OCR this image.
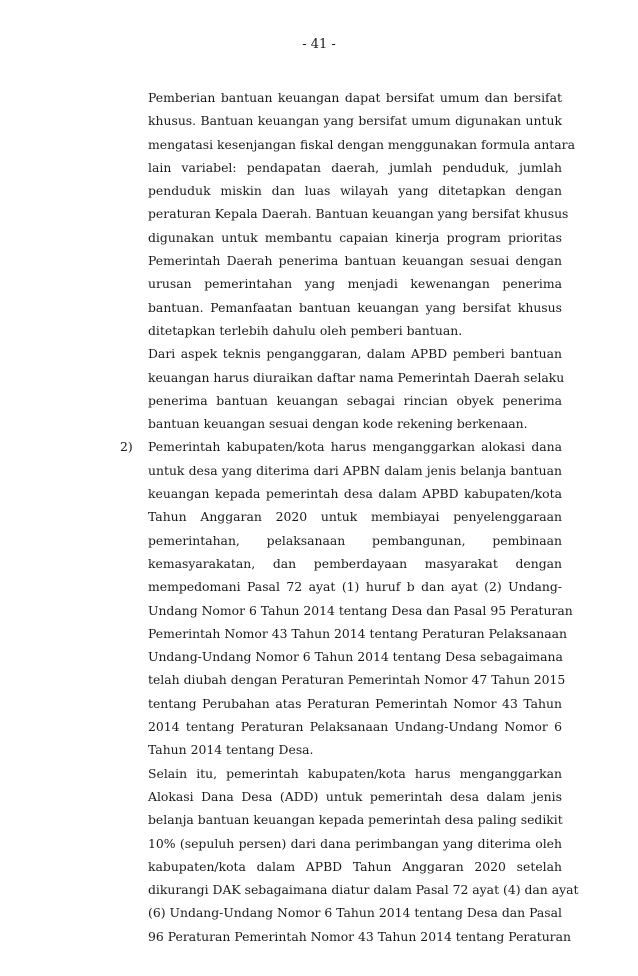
- 41 -
Pemberian bantuan keuangan dapat bersifat umum dan bersifat
khusus. Bantuan keuangan yang bersifat umum digunakan untuk
mengatasi kesenjangan fiskal dengan menggunakan formula antara
lain variabel: pendapatan daerah, jumlah penduduk, jumlah
penduduk miskin dan luas wilayah yang ditetapkan dengan
peraturan Kepala Daerah. Bantuan keuangan yang bersifat khusus
digunakan untuk membantu capaian kinerja program prioritas
Pemerintah Daerah penerima bantuan keuangan sesuai dengan
urusan pemerintahan yang menjadi kewenangan penerima
bantuan. Pemanfaatan bantuan keuangan yang bersifat khusus
ditetapkan terlebih dahulu oleh pemberi bantuan.
Dari aspek teknis penganggaran, dalam APBD pemberi bantuan
keuangan harus diuraikan daftar nama Pemerintah Daerah selaku
penerima bantuan keuangan sebagai rincian obyek penerima
bantuan keuangan sesuai dengan kode rekening berkenaan.
2) Pemerintah kabupaten/kota harus menganggarkan alokasi dana
untuk desa yang diterima dari APBN dalam jenis belanja bantuan
keuangan kepada pemerintah desa dalam APBD kabupaten/kota
Tahun Anggaran 2020 untuk membiayai penyelenggaraan
pemerintahan, pelaksanaan pembangunan, pembinaan
kemasyarakatan, dan pemberdayaan masyarakat dengan
mempedomani Pasal 72 ayat (1) huruf b dan ayat (2) Undang-
Undang Nomor 6 Tahun 2014 tentang Desa dan Pasal 95 Peraturan
Pemerintah Nomor 43 Tahun 2014 tentang Peraturan Pelaksanaan
Undang-Undang Nomor 6 Tahun 2014 tentang Desa sebagaimana
telah diubah dengan Peraturan Pemerintah Nomor 47 Tahun 2015
tentang Perubahan atas Peraturan Pemerintah Nomor 43 Tahun
2014 tentang Peraturan Pelaksanaan Undang-Undang Nomor 6
Tahun 2014 tentang Desa.
Selain itu, pemerintah kabupaten/kota harus menganggarkan
Alokasi Dana Desa (ADD) untuk pemerintah desa dalam jenis
belanja bantuan keuangan kepada pemerintah desa paling sedikit
10% (sepuluh persen) dari dana perimbangan yang diterima oleh
kabupaten/kota dalam APBD Tahun Anggaran 2020 setelah
dikurangi DAK sebagaimana diatur dalam Pasal 72 ayat (4) dan ayat
(6) Undang-Undang Nomor 6 Tahun 2014 tentang Desa dan Pasal
96 Peraturan Pemerintah Nomor 43 Tahun 2014 tentang Peraturan
